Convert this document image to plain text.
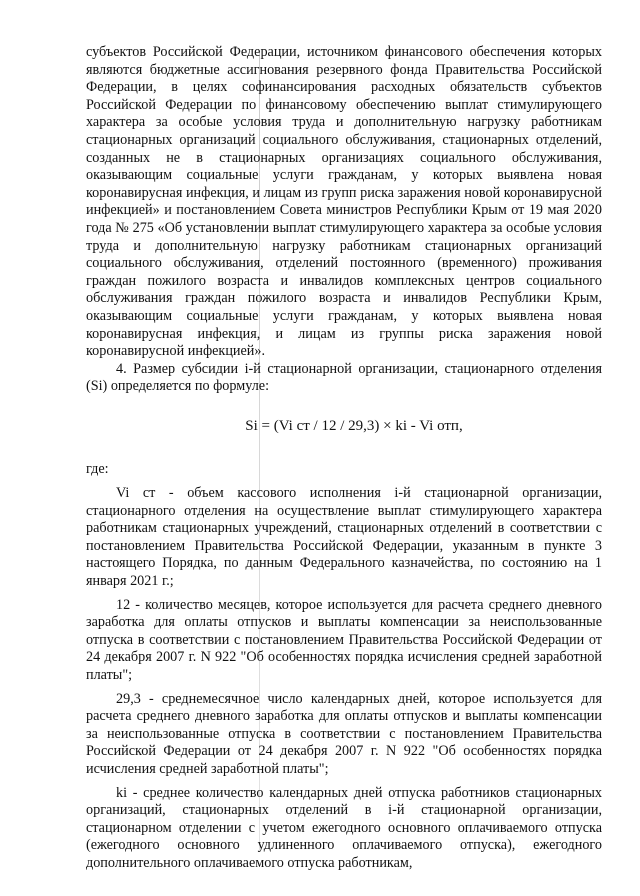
субъектов Российской Федерации, источником финансового обеспечения которых являются бюджетные ассигнования резервного фонда Правительства Российской Федерации, в целях софинансирования расходных обязательств субъектов Российской Федерации по финансовому обеспечению выплат стимулирующего характера за особые условия труда и дополнительную нагрузку работникам стационарных организаций социального обслуживания, стационарных отделений, созданных не в стационарных организациях социального обслуживания, оказывающим социальные услуги гражданам, у которых выявлена новая коронавирусная инфекция, и лицам из групп риска заражения новой коронавирусной инфекцией» и постановлением Совета министров Республики Крым от 19 мая 2020 года № 275 «Об установлении выплат стимулирующего характера за особые условия труда и дополнительную нагрузку работникам стационарных организаций социального обслуживания, отделений постоянного (временного) проживания граждан пожилого возраста и инвалидов комплексных центров социального обслуживания граждан пожилого возраста и инвалидов Республики Крым, оказывающим социальные услуги гражданам, у которых выявлена новая коронавирусная инфекция, и лицам из группы риска заражения новой коронавирусной инфекцией».

4. Размер субсидии i-й стационарной организации, стационарного отделения (Si) определяется по формуле:

Si = (Vi ст / 12 / 29,3) × ki - Vi отп,

где:

Vi ст - объем кассового исполнения i-й стационарной организации, стационарного отделения на осуществление выплат стимулирующего характера работникам стационарных учреждений, стационарных отделений в соответствии с постановлением Правительства Российской Федерации, указанным в пункте 3 настоящего Порядка, по данным Федерального казначейства, по состоянию на 1 января 2021 г.;

12 - количество месяцев, которое используется для расчета среднего дневного заработка для оплаты отпусков и выплаты компенсации за неиспользованные отпуска в соответствии с постановлением Правительства Российской Федерации от 24 декабря 2007 г. N 922 "Об особенностях порядка исчисления средней заработной платы";

29,3 - среднемесячное число календарных дней, которое используется для расчета среднего дневного заработка для оплаты отпусков и выплаты компенсации за неиспользованные отпуска в соответствии с постановлением Правительства Российской Федерации от 24 декабря 2007 г. N 922 "Об особенностях порядка исчисления средней заработной платы";

ki - среднее количество календарных дней отпуска работников стационарных организаций, стационарных отделений в i-й стационарной организации, стационарном отделении с учетом ежегодного основного оплачиваемого отпуска (ежегодного основного удлиненного оплачиваемого отпуска), ежегодного дополнительного оплачиваемого отпуска работникам,
